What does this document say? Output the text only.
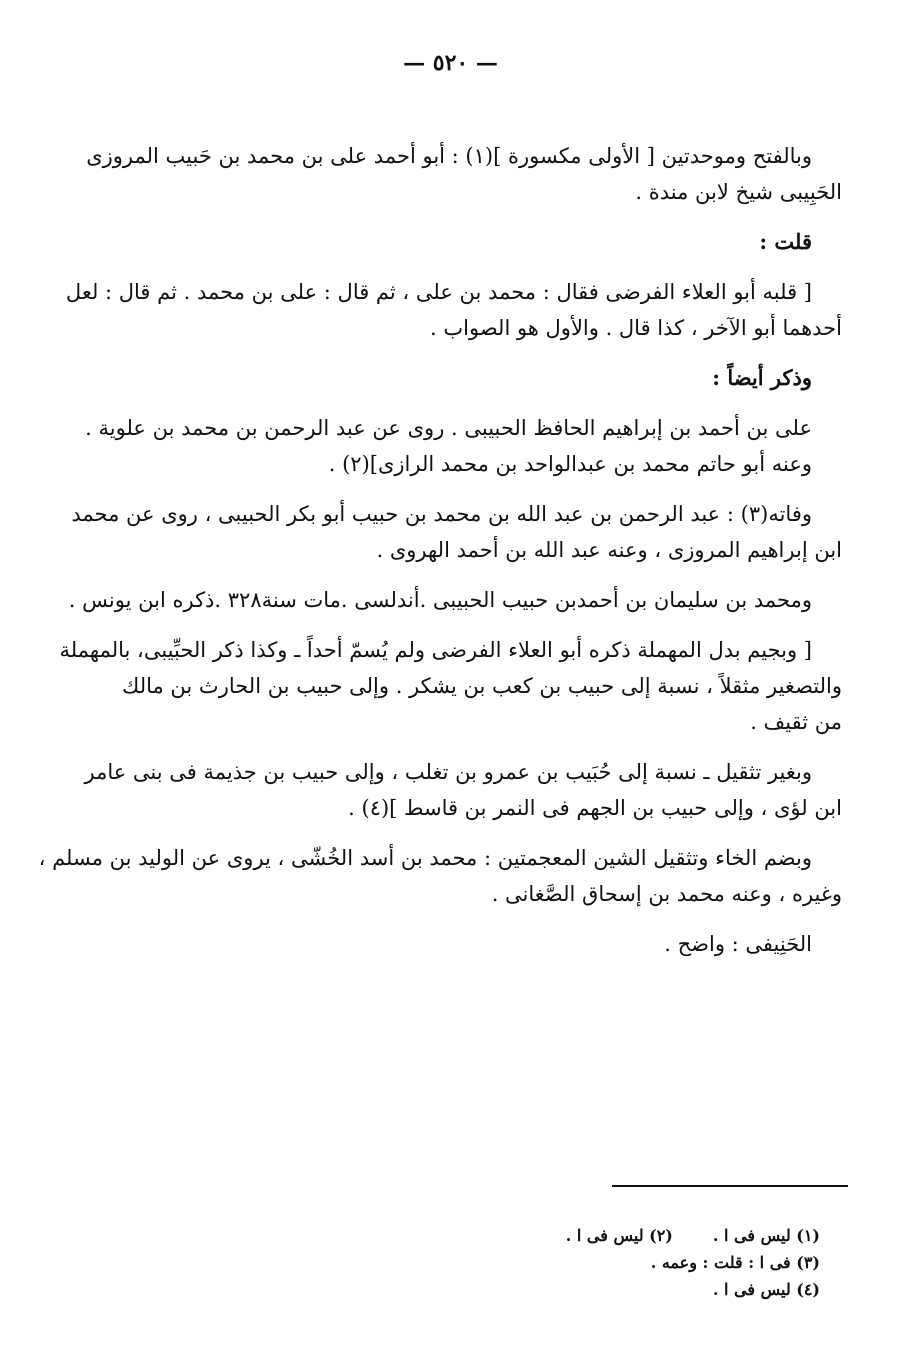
— ٥٢٠ —
وبالفتح وموحدتين [ الأولى مكسورة ](١) : أبو أحمد على بن محمد بن حَبيب المروزى
الحَبِيبى شيخ لابن مندة .
قلت :
[ قلبه أبو العلاء الفرضى فقال : محمد بن على ، ثم قال : على بن محمد . ثم قال : لعل
أحدهما أبو الآخر ، كذا قال . والأول هو الصواب .
وذكر أيضاً :
على بن أحمد بن إبراهيم الحافظ الحبيبى . روى عن عبد الرحمن بن محمد بن علوية .
وعنه أبو حاتم محمد بن عبدالواحد بن محمد الرازى](٢) .
وفاته(٣) : عبد الرحمن بن عبد الله بن محمد بن حبيب أبو بكر الحبيبى ، روى عن محمد
ابن إبراهيم المروزى ، وعنه عبد الله بن أحمد الهروى .
ومحمد بن سليمان بن أحمدبن حبيب الحبيبى .أندلسى .مات سنة٣٢٨ .ذكره ابن يونس .
[ وبجيم بدل المهملة ذكره أبو العلاء الفرضى ولم يُسمّ أحداً ـ وكذا ذكر الحبِّيبى، بالمهملة
والتصغير مثقلاً ، نسبة إلى حبيب بن كعب بن يشكر . وإلى حبيب بن الحارث بن مالك
من ثقيف .
وبغير تثقيل ـ نسبة إلى حُبَيب بن عمرو بن تغلب ، وإلى حبيب بن جذيمة فى بنى عامر
ابن لؤى ، وإلى حبيب بن الجهم فى النمر بن قاسط ](٤) .
وبضم الخاء وتثقيل الشين المعجمتين : محمد بن أسد الخُشّى ، يروى عن الوليد بن مسلم ،
وغيره ، وعنه محمد بن إسحاق الصَّغانى .
الحَنِيفى : واضح .
(١) ليس فى ا .(٢) ليس فى ا .
(٣) فى ا : قلت : وعمه .
(٤) ليس فى ا .
